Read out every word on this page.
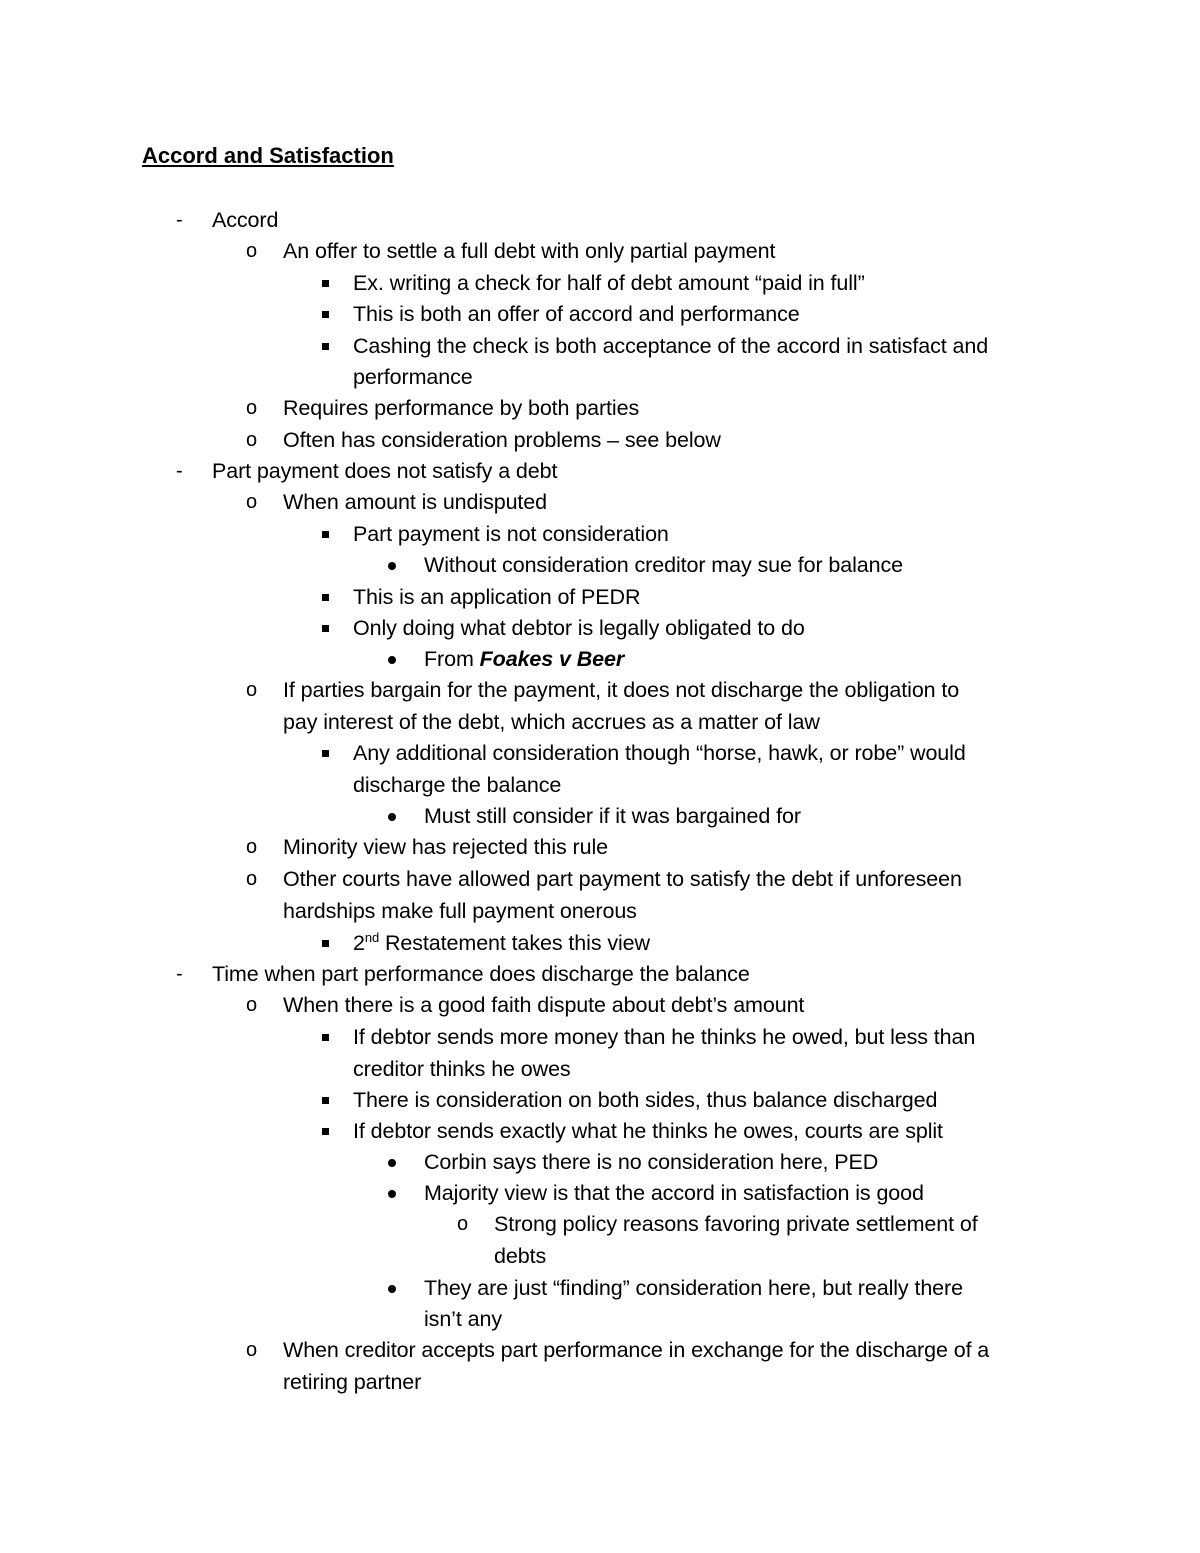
Accord and Satisfaction
- Accord
o An offer to settle a full debt with only partial payment
Ex. writing a check for half of debt amount “paid in full”
This is both an offer of accord and performance
Cashing the check is both acceptance of the accord in satisfact and
performance
o Requires performance by both parties
o Often has consideration problems – see below
- Part payment does not satisfy a debt
o When amount is undisputed
Part payment is not consideration
Without consideration creditor may sue for balance
This is an application of PEDR
Only doing what debtor is legally obligated to do
From Foakes v Beer
o If parties bargain for the payment, it does not discharge the obligation to
pay interest of the debt, which accrues as a matter of law
Any additional consideration though “horse, hawk, or robe” would
discharge the balance
Must still consider if it was bargained for
o Minority view has rejected this rule
o Other courts have allowed part payment to satisfy the debt if unforeseen
hardships make full payment onerous
2nd Restatement takes this view
- Time when part performance does discharge the balance
o When there is a good faith dispute about debt’s amount
If debtor sends more money than he thinks he owed, but less than
creditor thinks he owes
There is consideration on both sides, thus balance discharged
If debtor sends exactly what he thinks he owes, courts are split
Corbin says there is no consideration here, PED
Majority view is that the accord in satisfaction is good
o Strong policy reasons favoring private settlement of
debts
They are just “finding” consideration here, but really there
isn’t any
o When creditor accepts part performance in exchange for the discharge of a
retiring partner
